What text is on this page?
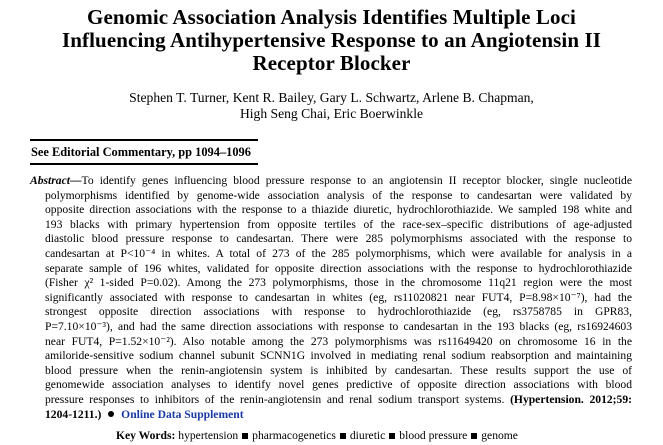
Genomic Association Analysis Identifies Multiple Loci
Influencing Antihypertensive Response to an Angiotensin II
Receptor Blocker
Stephen T. Turner, Kent R. Bailey, Gary L. Schwartz, Arlene B. Chapman,
High Seng Chai, Eric Boerwinkle
See Editorial Commentary, pp 1094–1096
Abstract—To identify genes influencing blood pressure response to an angiotensin II receptor blocker, single nucleotide
polymorphisms identified by genome-wide association analysis of the response to candesartan were validated by
opposite direction associations with the response to a thiazide diuretic, hydrochlorothiazide. We sampled 198 white and
193 blacks with primary hypertension from opposite tertiles of the race-sex–specific distributions of age-adjusted
diastolic blood pressure response to candesartan. There were 285 polymorphisms associated with the response to
candesartan at P<10⁻⁴ in whites. A total of 273 of the 285 polymorphisms, which were available for analysis in a
separate sample of 196 whites, validated for opposite direction associations with the response to hydrochlorothiazide
(Fisher χ² 1-sided P=0.02). Among the 273 polymorphisms, those in the chromosome 11q21 region were the most
significantly associated with response to candesartan in whites (eg, rs11020821 near FUT4, P=8.98×10⁻⁷), had the
strongest opposite direction associations with response to hydrochlorothiazide (eg, rs3758785 in GPR83,
P=7.10×10⁻³), and had the same direction associations with response to candesartan in the 193 blacks (eg, rs16924603
near FUT4, P=1.52×10⁻²). Also notable among the 273 polymorphisms was rs11649420 on chromosome 16 in the
amiloride-sensitive sodium channel subunit SCNN1G involved in mediating renal sodium reabsorption and maintaining
blood pressure when the renin-angiotensin system is inhibited by candesartan. These results support the use of
genomewide association analyses to identify novel genes predictive of opposite direction associations with blood
pressure responses to inhibitors of the renin-angiotensin and renal sodium transport systems. (Hypertension. 2012;59:
1204-1211.) Online Data Supplement
Key Words: hypertension pharmacogenetics diuretic blood pressure genome
